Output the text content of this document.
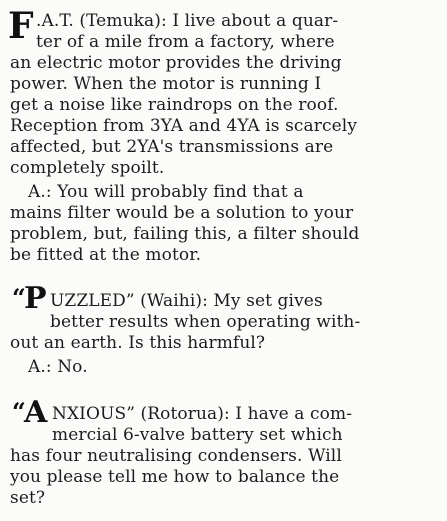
F .A.T. (Temuka): I live about a quar-
ter of a mile from a factory, where
an electric motor provides the driving
power. When the motor is running I
get a noise like raindrops on the roof.
Reception from 3YA and 4YA is scarcely
affected, but 2YA's transmissions are
completely spoilt.
A.: You will probably find that a
mains filter would be a solution to your
problem, but, failing this, a filter should
be fitted at the motor.
“
P UZZLED” (Waihi): My set gives
better results when operating with-
out an earth. Is this harmful?
A.: No.
“
A NXIOUS” (Rotorua): I have a com-
mercial 6-valve battery set which
has four neutralising condensers. Will
you please tell me how to balance the
set?
